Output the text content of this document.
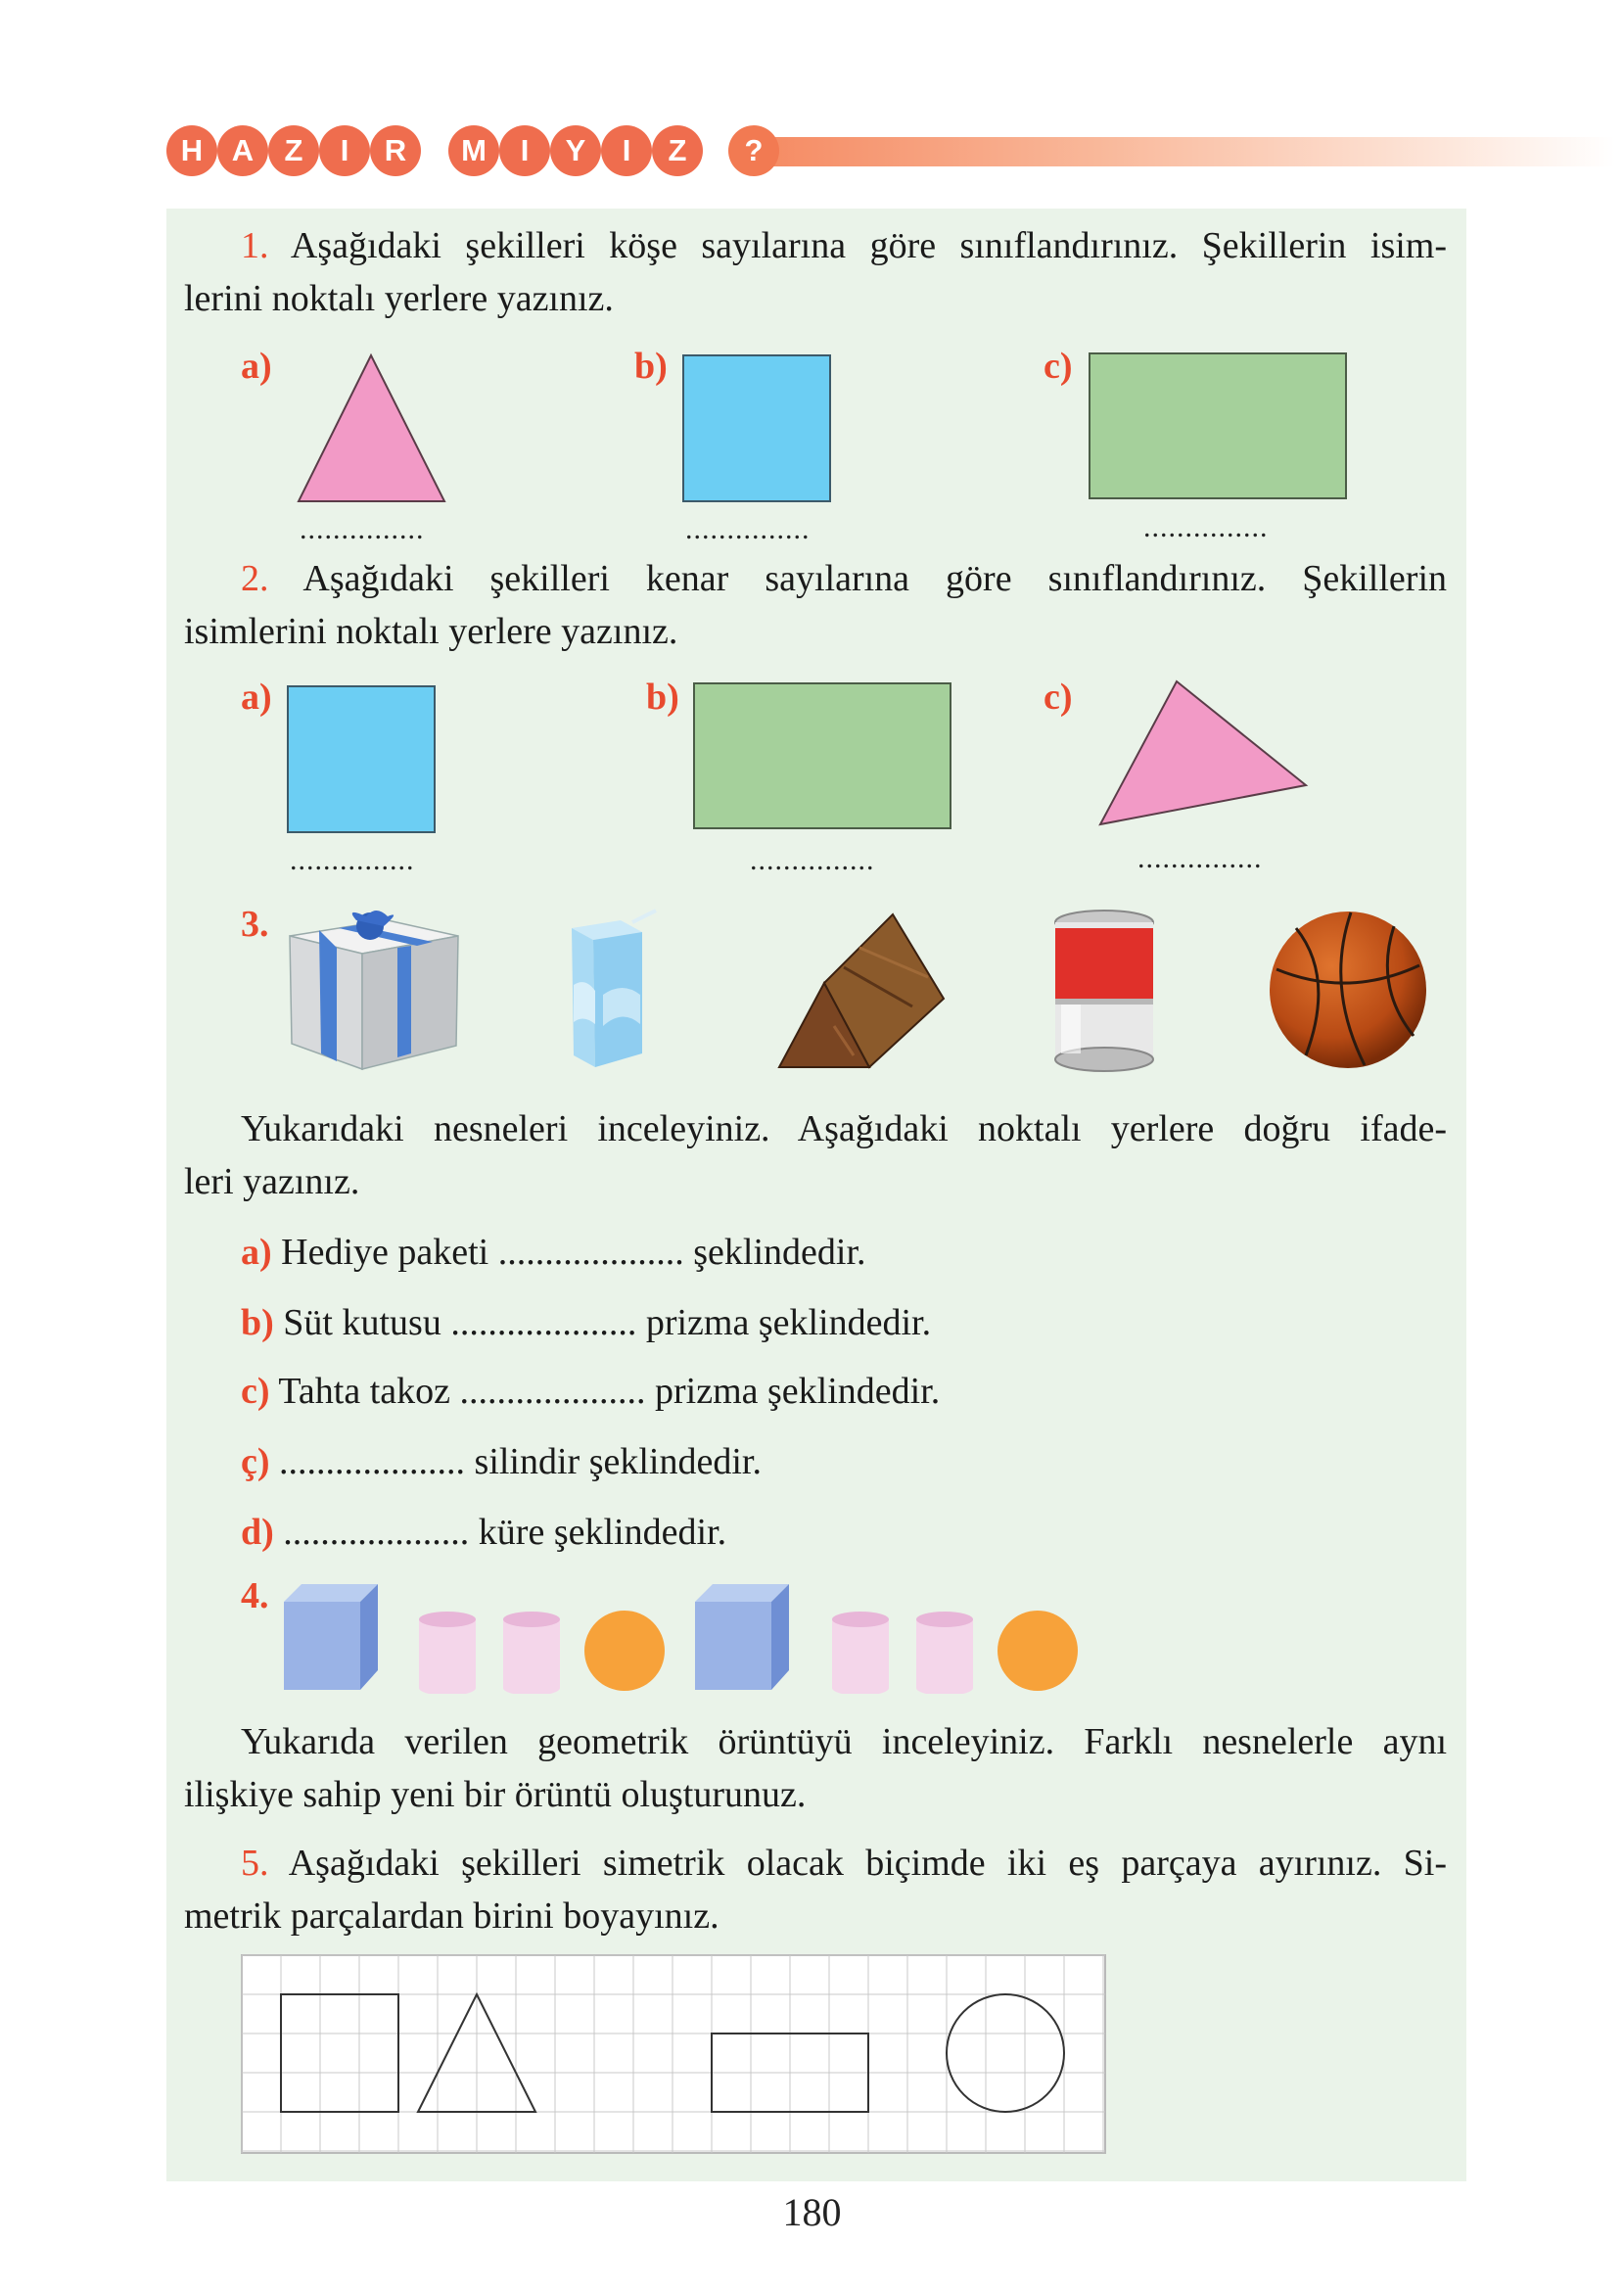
H A	Z	I	R	M	I	Y	I	Z	?
1. Aşağıdaki şekilleri köşe sayılarına göre sınıflandırınız. Şekillerin isim-
lerini noktalı yerlere yazınız.
a)
...............
b)
...............
c)
...............
2. Aşağıdaki şekilleri kenar sayılarına göre sınıflandırınız. Şekillerin
isimlerini noktalı yerlere yazınız.
a)
...............
b)
...............
c)
...............
3.
Yukarıdaki nesneleri inceleyiniz. Aşağıdaki noktalı yerlere doğru ifade-
leri yazınız.
a) Hediye paketi .................... şeklindedir.
b) Süt kutusu .................... prizma şeklindedir.
c) Tahta takoz .................... prizma şeklindedir.
ç) .................... silindir şeklindedir.
d) .................... küre şeklindedir.
4.
Yukarıda verilen geometrik örüntüyü inceleyiniz. Farklı nesnelerle aynı
ilişkiye sahip yeni bir örüntü oluşturunuz.
5. Aşağıdaki şekilleri simetrik olacak biçimde iki eş parçaya ayırınız. Si-
metrik parçalardan birini boyayınız.
180
